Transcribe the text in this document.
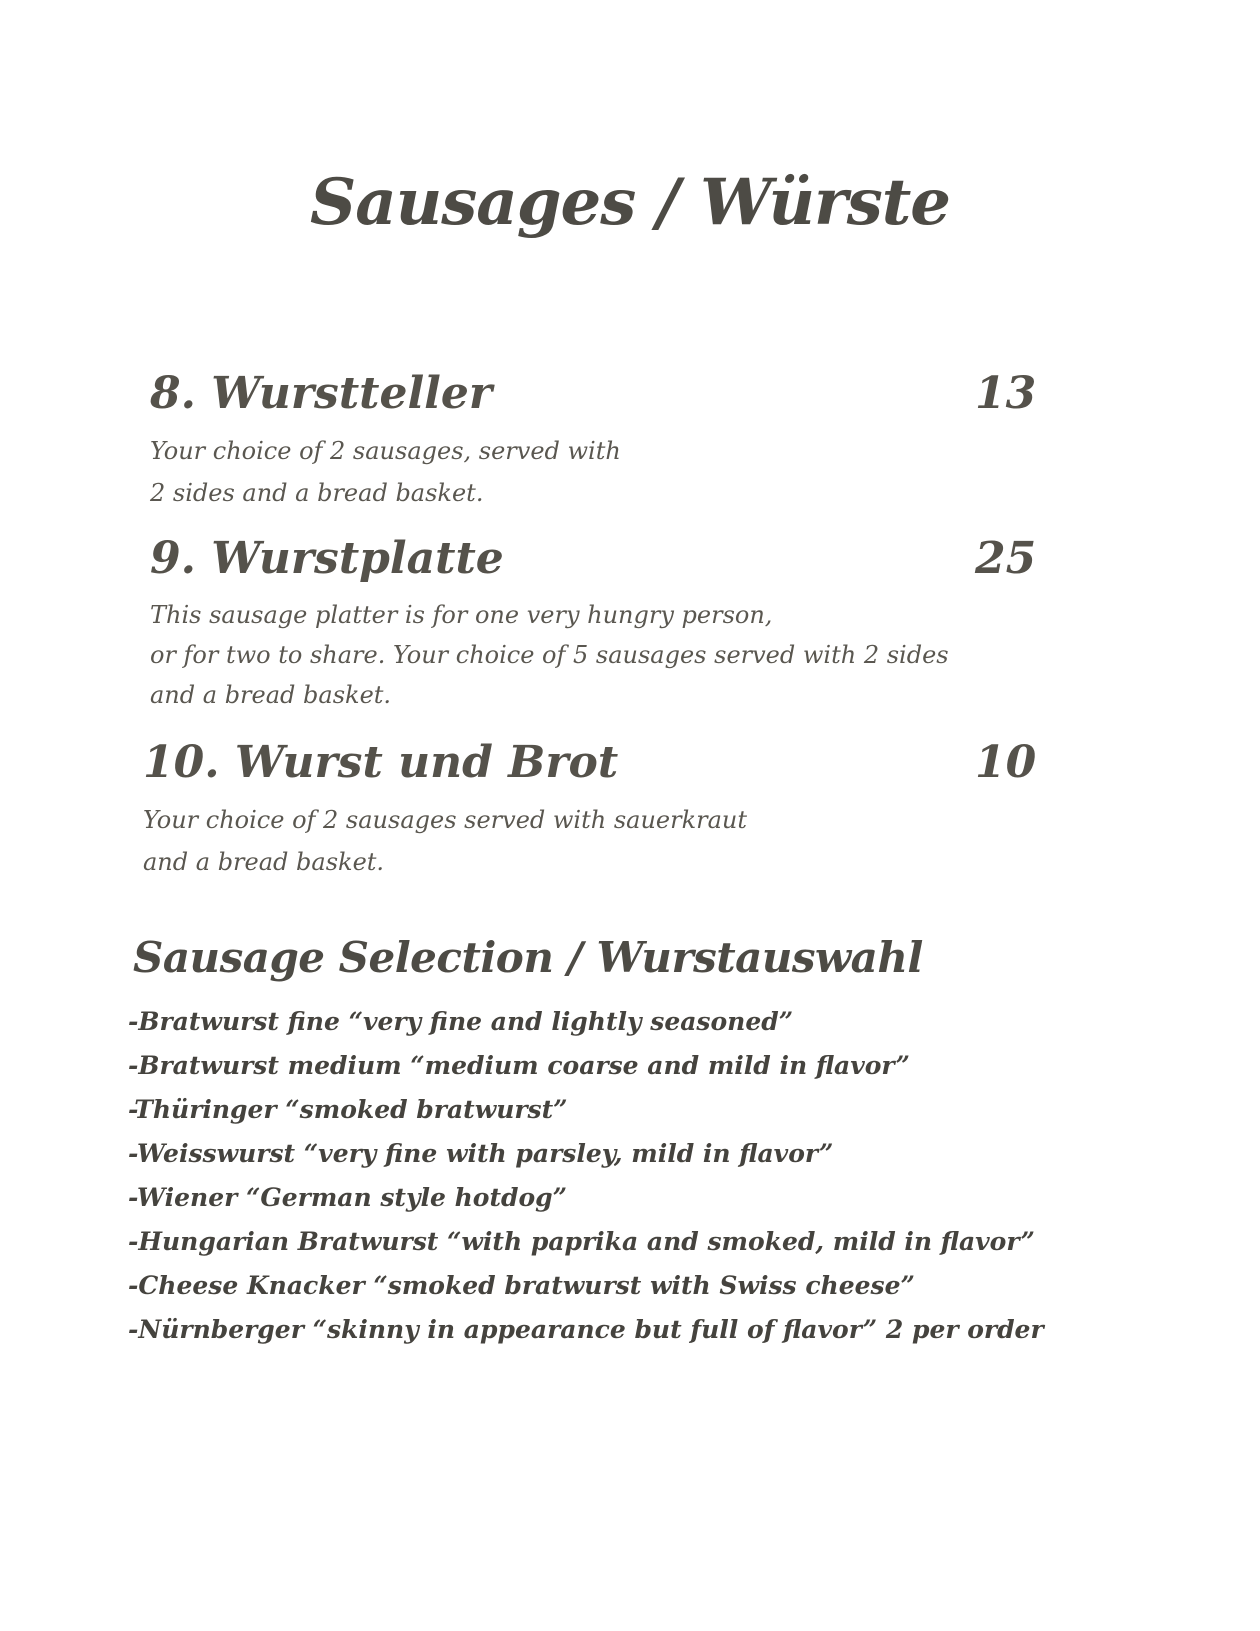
Sausages / Würste
8. Wurstteller	13
Your choice of 2 sausages, served with
2 sides and a bread basket.
9. Wurstplatte	25
This sausage platter is for one very hungry person,
or for two to share. Your choice of 5 sausages served with 2 sides
and a bread basket.
10. Wurst und Brot	10
Your choice of 2 sausages served with sauerkraut
and a bread basket.
Sausage Selection / Wurstauswahl
-Bratwurst fine “very fine and lightly seasoned”
-Bratwurst medium “medium coarse and mild in flavor”
-Thüringer “smoked bratwurst”
-Weisswurst “very fine with parsley, mild in flavor”
-Wiener “German style hotdog”
-Hungarian Bratwurst “with paprika and smoked, mild in flavor”
-Cheese Knacker “smoked bratwurst with Swiss cheese”
-Nürnberger “skinny in appearance but full of flavor” 2 per order
